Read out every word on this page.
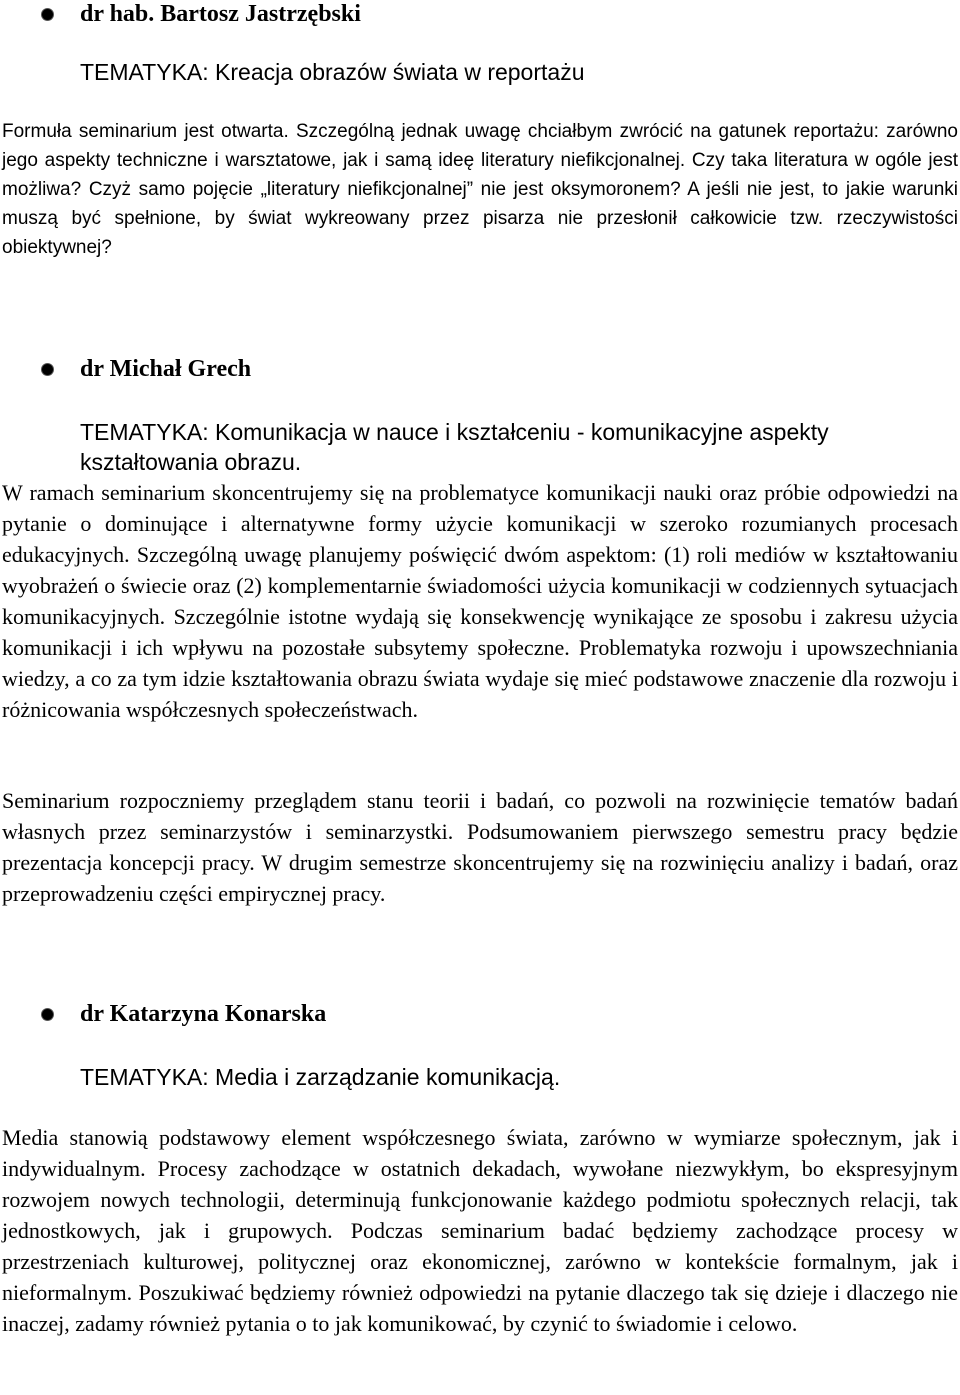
dr hab. Bartosz Jastrzębski
TEMATYKA: Kreacja obrazów świata w reportażu
Formuła seminarium jest otwarta. Szczególną jednak uwagę chciałbym zwrócić na gatunek reportażu: zarówno jego aspekty techniczne i warsztatowe, jak i samą ideę literatury niefikcjonalnej. Czy taka literatura w ogóle jest możliwa? Czyż samo pojęcie „literatury niefikcjonalnej” nie jest oksymoronem? A jeśli nie jest, to jakie warunki muszą być spełnione, by świat wykreowany przez pisarza nie przesłonił całkowicie tzw. rzeczywistości obiektywnej?
dr Michał Grech
TEMATYKA: Komunikacja w nauce i kształceniu - komunikacyjne aspekty kształtowania obrazu.
W ramach seminarium skoncentrujemy się na problematyce komunikacji nauki oraz próbie odpowiedzi na pytanie o dominujące i alternatywne formy użycie komunikacji w szeroko rozumianych procesach edukacyjnych. Szczególną uwagę planujemy poświęcić dwóm aspektom: (1) roli mediów w kształtowaniu wyobrażeń o świecie oraz (2) komplementarnie świadomości użycia komunikacji w codziennych sytuacjach komunikacyjnych. Szczególnie istotne wydają się konsekwencję wynikające ze sposobu i zakresu użycia komunikacji i ich wpływu na pozostałe subsytemy społeczne. Problematyka rozwoju i upowszechniania wiedzy, a co za tym idzie kształtowania obrazu świata wydaje się mieć podstawowe znaczenie dla rozwoju i różnicowania współczesnych społeczeństwach.
Seminarium rozpoczniemy przeglądem stanu teorii i badań, co pozwoli na rozwinięcie tematów badań własnych przez seminarzystów i seminarzystki. Podsumowaniem pierwszego semestru pracy będzie prezentacja koncepcji pracy. W drugim semestrze skoncentrujemy się na rozwinięciu analizy i badań, oraz przeprowadzeniu części empirycznej pracy.
dr Katarzyna Konarska
TEMATYKA: Media i zarządzanie komunikacją.
Media stanowią podstawowy element współczesnego świata, zarówno w wymiarze społecznym, jak i indywidualnym. Procesy zachodzące w ostatnich dekadach, wywołane niezwykłym, bo ekspresyjnym rozwojem nowych technologii, determinują funkcjonowanie każdego podmiotu społecznych relacji, tak jednostkowych, jak i grupowych. Podczas seminarium badać będziemy zachodzące procesy w przestrzeniach kulturowej, politycznej oraz ekonomicznej, zarówno w kontekście formalnym, jak i nieformalnym. Poszukiwać będziemy również odpowiedzi na pytanie dlaczego tak się dzieje i dlaczego nie inaczej, zadamy również pytania o to jak komunikować, by czynić to świadomie i celowo.
